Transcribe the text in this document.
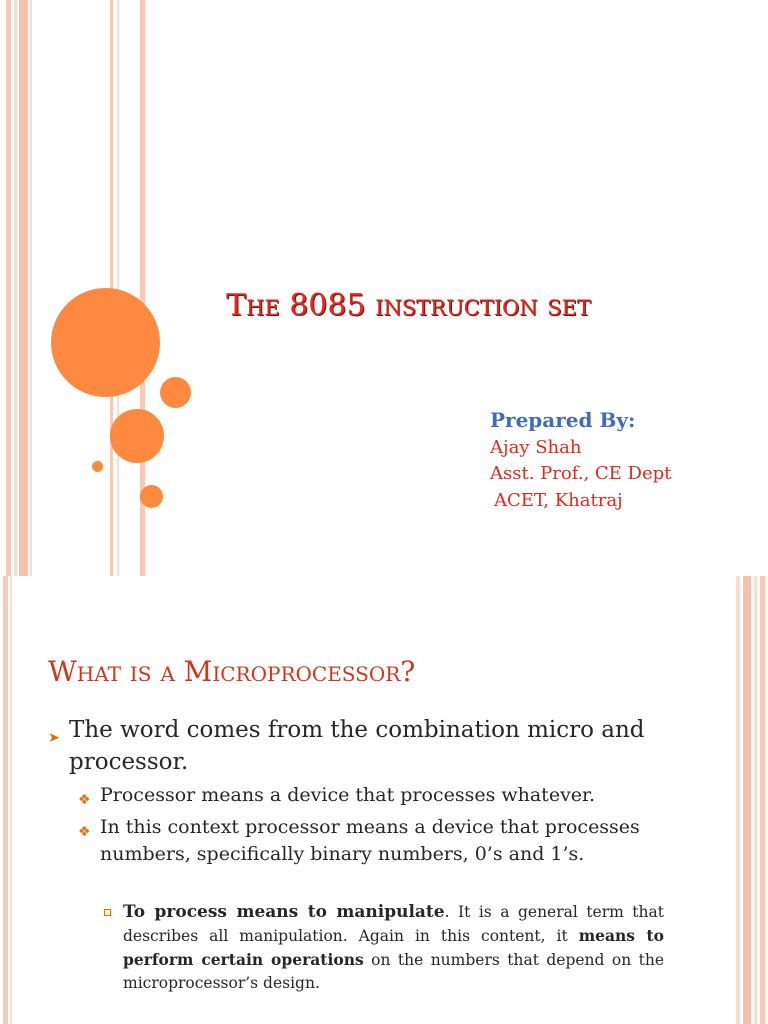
The 8085 instruction set
Prepared By:
Ajay Shah
Asst. Prof., CE Dept
ACET, Khatraj
What is a Microprocessor?
➤ The word comes from the combination micro and processor.
❖ Processor means a device that processes whatever.
❖ In this context processor means a device that processes numbers, specifically binary numbers, 0’s and 1’s.
To process means to manipulate. It is a general term that describes all manipulation. Again in this content, it means to perform certain operations on the numbers that depend on the microprocessor’s design.
